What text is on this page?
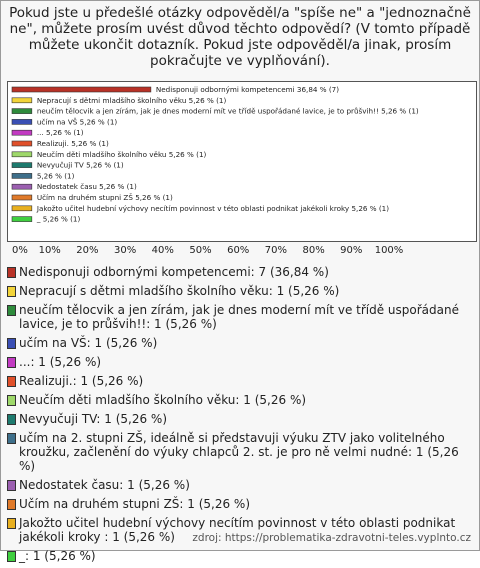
Pokud jste u předešlé otázky odpověděl/a "spíše ne" a "jednoznačně ne", můžete prosím uvést důvod těchto odpovědí? (V tomto případě můžete ukončit dotazník. Pokud jste odpověděl/a jinak, prosím pokračujte ve vyplňování).
Nedisponuji odbornými kompetencemi 36,84 % (7)
Nepracují s dětmi mladšího školního věku 5,26 % (1)
neučím tělocvik a jen zírám, jak je dnes moderní mít ve třídě uspořádané lavice, je to průšvih!! 5,26 % (1)
učím na VŠ 5,26 % (1)
... 5,26 % (1)
Realizuji. 5,26 % (1)
Neučím děti mladšího školního věku 5,26 % (1)
Nevyučuji TV 5,26 % (1)
5,26 % (1)
Nedostatek času 5,26 % (1)
Učím na druhém stupni ZŠ 5,26 % (1)
Jakožto učitel hudební výchovy necítím povinnost v této oblasti podnikat jakékoli kroky 5,26 % (1)
_ 5,26 % (1)
0% 10% 20% 30% 40% 50% 60% 70% 80% 90% 100%
Nedisponuji odbornými kompetencemi: 7 (36,84 %)
Nepracují s dětmi mladšího školního věku: 1 (5,26 %)
neučím tělocvik a jen zírám, jak je dnes moderní mít ve třídě uspořádané lavice, je to průšvih!!: 1 (5,26 %)
učím na VŠ: 1 (5,26 %)
...: 1 (5,26 %)
Realizuji.: 1 (5,26 %)
Neučím děti mladšího školního věku: 1 (5,26 %)
Nevyučuji TV: 1 (5,26 %)
učím na 2. stupni ZŠ, ideálně si představuji výuku ZTV jako volitelného kroužku, začlenění do výuky chlapců 2. st. je pro ně velmi nudné: 1 (5,26 %)
Nedostatek času: 1 (5,26 %)
Učím na druhém stupni ZŠ: 1 (5,26 %)
Jakožto učitel hudební výchovy necítím povinnost v této oblasti podnikat jakékoli kroky : 1 (5,26 %)
_: 1 (5,26 %)
zdroj: https://problematika-zdravotni-teles.vyplnto.cz
